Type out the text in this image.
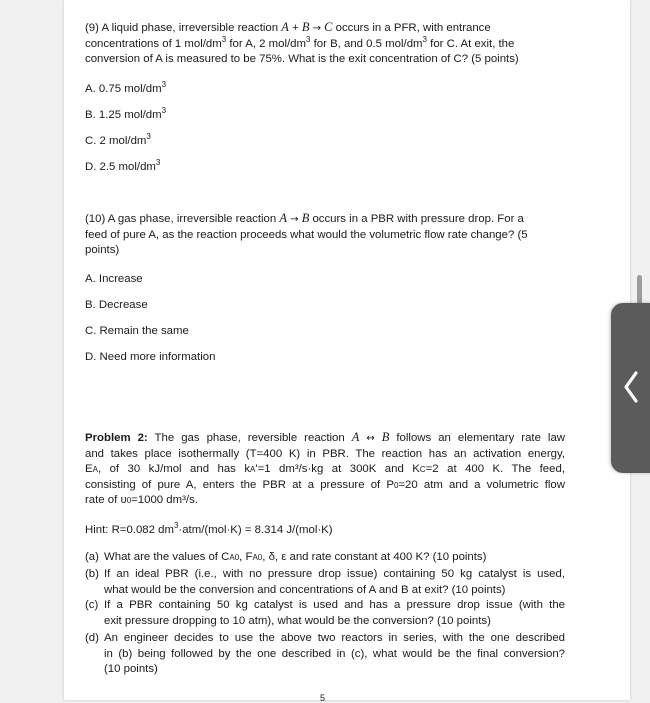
(9) A liquid phase, irreversible reaction A + B → C occurs in a PFR, with entrance
concentrations of 1 mol/$dm^3$ for A, 2 mol/$dm^3$ for B, and 0.5 mol/$dm^3$ for C. At exit, the
conversion of A is measured to be 75%. What is the exit concentration of C? (5 points)
A. 0.75 mol/$dm^3$
B. 1.25 mol/$dm^3$
C. 2 mol/$dm^3$
D. 2.5 mol/$dm^3$
(10) A gas phase, irreversible reaction A → B occurs in a PBR with pressure drop. For a
feed of pure A, as the reaction proceeds what would the volumetric flow rate change? (5
points)
A. Increase
B. Decrease
C. Remain the same
D. Need more information
Problem 2: The gas phase, reversible reaction A ↔ B follows an elementary rate law
and takes place isothermally (T=400 K) in PBR. The reaction has an activation energy,
EA, of 30 kJ/mol and has kA'=1 dm³/s·kg at 300K and KC=2 at 400 K. The feed,
consisting of pure A, enters the PBR at a pressure of P0=20 atm and a volumetric flow
rate of υ0=1000 dm³/s.
Hint: R=0.082 $dm^3\cdot atm/(mol\cdot K) = 8.314$ J/(mol·K)
(a) What are the values of CA0, FA0, δ, ε and rate constant at 400 K? (10 points)
(b) If an ideal PBR (i.e., with no pressure drop issue) containing 50 kg catalyst is used,
what would be the conversion and concentrations of A and B at exit? (10 points)
(c) If a PBR containing 50 kg catalyst is used and has a pressure drop issue (with the
exit pressure dropping to 10 atm), what would be the conversion? (10 points)
(d) An engineer decides to use the above two reactors in series, with the one described
in (b) being followed by the one described in (c), what would be the final conversion?
(10 points)
5
